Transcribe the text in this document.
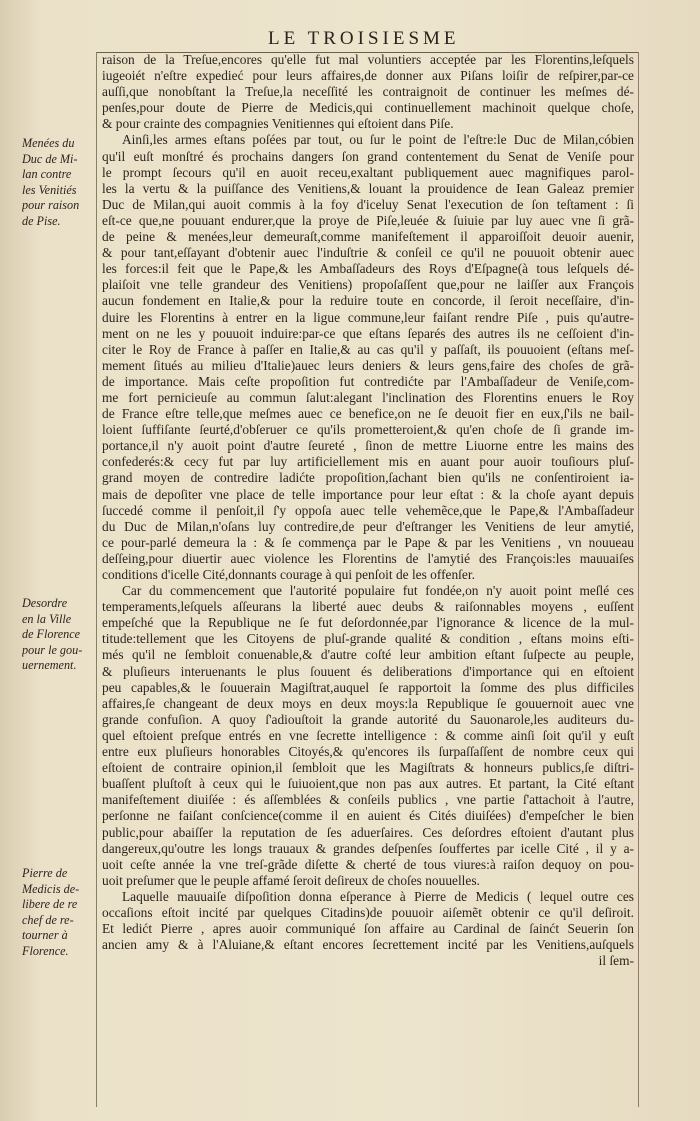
LE TROISIESME
Menées du
Duc de Mi-
lan contre
les Venitiés
pour raison
de Pise.
Desordre
en la Ville
de Florence
pour le gou-
uernement.
Pierre de
Medicis de-
libere de re
chef de re-
tourner à
Florence.
raison de la Treſue,encores qu'elle fut mal voluntiers acceptée par les Florentins,leſquels
iugeoiét n'eſtre expedieć pour leurs affaires,de donner aux Piſans loiſir de reſpirer,par-ce
auſſi,que nonobſtant la Treſue,la neceſſité les contraignoit de continuer les meſmes dé-
penſes,pour doute de Pierre de Medicis,qui continuellement machinoit quelque choſe,
& pour crainte des compagnies Venitiennes qui eſtoient dans Piſe.
Ainſi,les armes eſtans poſées par tout, ou ſur le point de l'eſtre:le Duc de Milan,cóbien
qu'il euſt monſtré és prochains dangers ſon grand contentement du Senat de Veniſe pour
le prompt ſecours qu'il en auoit receu,exaltant publiquement auec magnifiques parol-
les la vertu & la puiſſance des Venitiens,& louant la prouidence de Iean Galeaz premier
Duc de Milan,qui auoit commis à la foy d'iceluy Senat l'execution de ſon teſtament : ſi
eſt-ce que,ne pouuant endurer,que la proye de Piſe,leuée & ſuiuie par luy auec vne ſi grã-
de peine & menées,leur demeuraſt,comme manifeſtement il apparoiſſoit deuoir auenir,
& pour tant,eſſayant d'obtenir auec l'induſtrie & conſeil ce qu'il ne pouuoit obtenir auec
les forces:il feit que le Pape,& les Ambaſſadeurs des Roys d'Eſpagne(à tous leſquels dé-
plaiſoit vne telle grandeur des Venitiens) propoſaſſent que,pour ne laiſſer aux François
aucun fondement en Italie,& pour la reduire toute en concorde, il ſeroit neceſſaire, d'in-
duire les Florentins à entrer en la ligue commune,leur faiſant rendre Piſe , puis qu'autre-
ment on ne les y pouuoit induire:par-ce que eſtans ſeparés des autres ils ne ceſſoient d'in-
citer le Roy de France à paſſer en Italie,& au cas qu'il y paſſaſt, ils pouuoient (eſtans meſ-
mement ſitués au milieu d'Italie)auec leurs deniers & leurs gens,faire des choſes de grã-
de importance. Mais ceſte propoſition fut contredićte par l'Ambaſſadeur de Veniſe,com-
me fort pernicieuſe au commun ſalut:alegant l'inclination des Florentins enuers le Roy
de France eſtre telle,que meſmes auec ce benefice,on ne ſe deuoit fier en eux,ſ'ils ne bail-
loient ſuffiſante ſeurté,d'obſeruer ce qu'ils prometteroient,& qu'en choſe de ſi grande im-
portance,il n'y auoit point d'autre ſeureté , ſinon de mettre Liuorne entre les mains des
confederés:& cecy fut par luy artificiellement mis en auant pour auoir touſiours pluſ-
grand moyen de contredire ladićte propoſition,ſachant bien qu'ils ne conſentiroient ia-
mais de depoſiter vne place de telle importance pour leur eſtat : & la choſe ayant depuis
ſuccedé comme il penſoit,il ſ'y oppoſa auec telle vehemẽce,que le Pape,& l'Ambaſſadeur
du Duc de Milan,n'oſans luy contredire,de peur d'eſtranger les Venitiens de leur amytié,
ce pour-parlé demeura la : & ſe commença par le Pape & par les Venitiens , vn nouueau
deſſeing,pour diuertir auec violence les Florentins de l'amytié des François:les mauuaiſes
conditions d'icelle Cité,donnants courage à qui penſoit de les offenſer.
Car du commencement que l'autorité populaire fut fondée,on n'y auoit point meſlé ces
temperaments,leſquels aſſeurans la liberté auec deubs & raiſonnables moyens , euſſent
empeſché que la Republique ne ſe fut deſordonnée,par l'ignorance & licence de la mul-
titude:tellement que les Citoyens de pluſ-grande qualité & condition , eſtans moins eſti-
més qu'il ne ſembloit conuenable,& d'autre coſté leur ambition eſtant ſuſpecte au peuple,
& pluſieurs interuenants le plus ſouuent és deliberations d'importance qui en eſtoient
peu capables,& le ſouuerain Magiſtrat,auquel ſe rapportoit la ſomme des plus difficiles
affaires,ſe changeant de deux moys en deux moys:la Republique ſe gouuernoit auec vne
grande confuſion. A quoy ſ'adiouſtoit la grande autorité du Sauonarole,les auditeurs du-
quel eſtoient preſque entrés en vne ſecrette intelligence : & comme ainſi ſoit qu'il y euſt
entre eux pluſieurs honorables Citoyés,& qu'encores ils ſurpaſſaſſent de nombre ceux qui
eſtoient de contraire opinion,il ſembloit que les Magiſtrats & honneurs publics,ſe diſtri-
buaſſent pluſtoſt à ceux qui le ſuiuoient,que non pas aux autres. Et partant, la Cité eſtant
manifeſtement diuiſée : és aſſemblées & conſeils publics , vne partie ſ'attachoit à l'autre,
perſonne ne faiſant conſcience(comme il en auient és Cités diuiſées) d'empeſcher le bien
public,pour abaiſſer la reputation de ſes aduerſaires. Ces deſordres eſtoient d'autant plus
dangereux,qu'outre les longs trauaux & grandes deſpenſes ſouffertes par icelle Cité , il y a-
uoit ceſte année la vne treſ-grãde diſette & cherté de tous viures:à raiſon dequoy on pou-
uoit preſumer que le peuple affamé ſeroit deſireux de choſes nouuelles.
Laquelle mauuaiſe diſpoſition donna eſperance à Pierre de Medicis ( lequel outre ces
occaſions eſtoit incité par quelques Citadins)de pouuoir aiſemẽt obtenir ce qu'il deſiroit.
Et ledićt Pierre , apres auoir communiqué ſon affaire au Cardinal de ſainćt Seuerin ſon
ancien amy & à l'Aluiane,& eſtant encores ſecrettement incité par les Venitiens,auſquels
il ſem-
